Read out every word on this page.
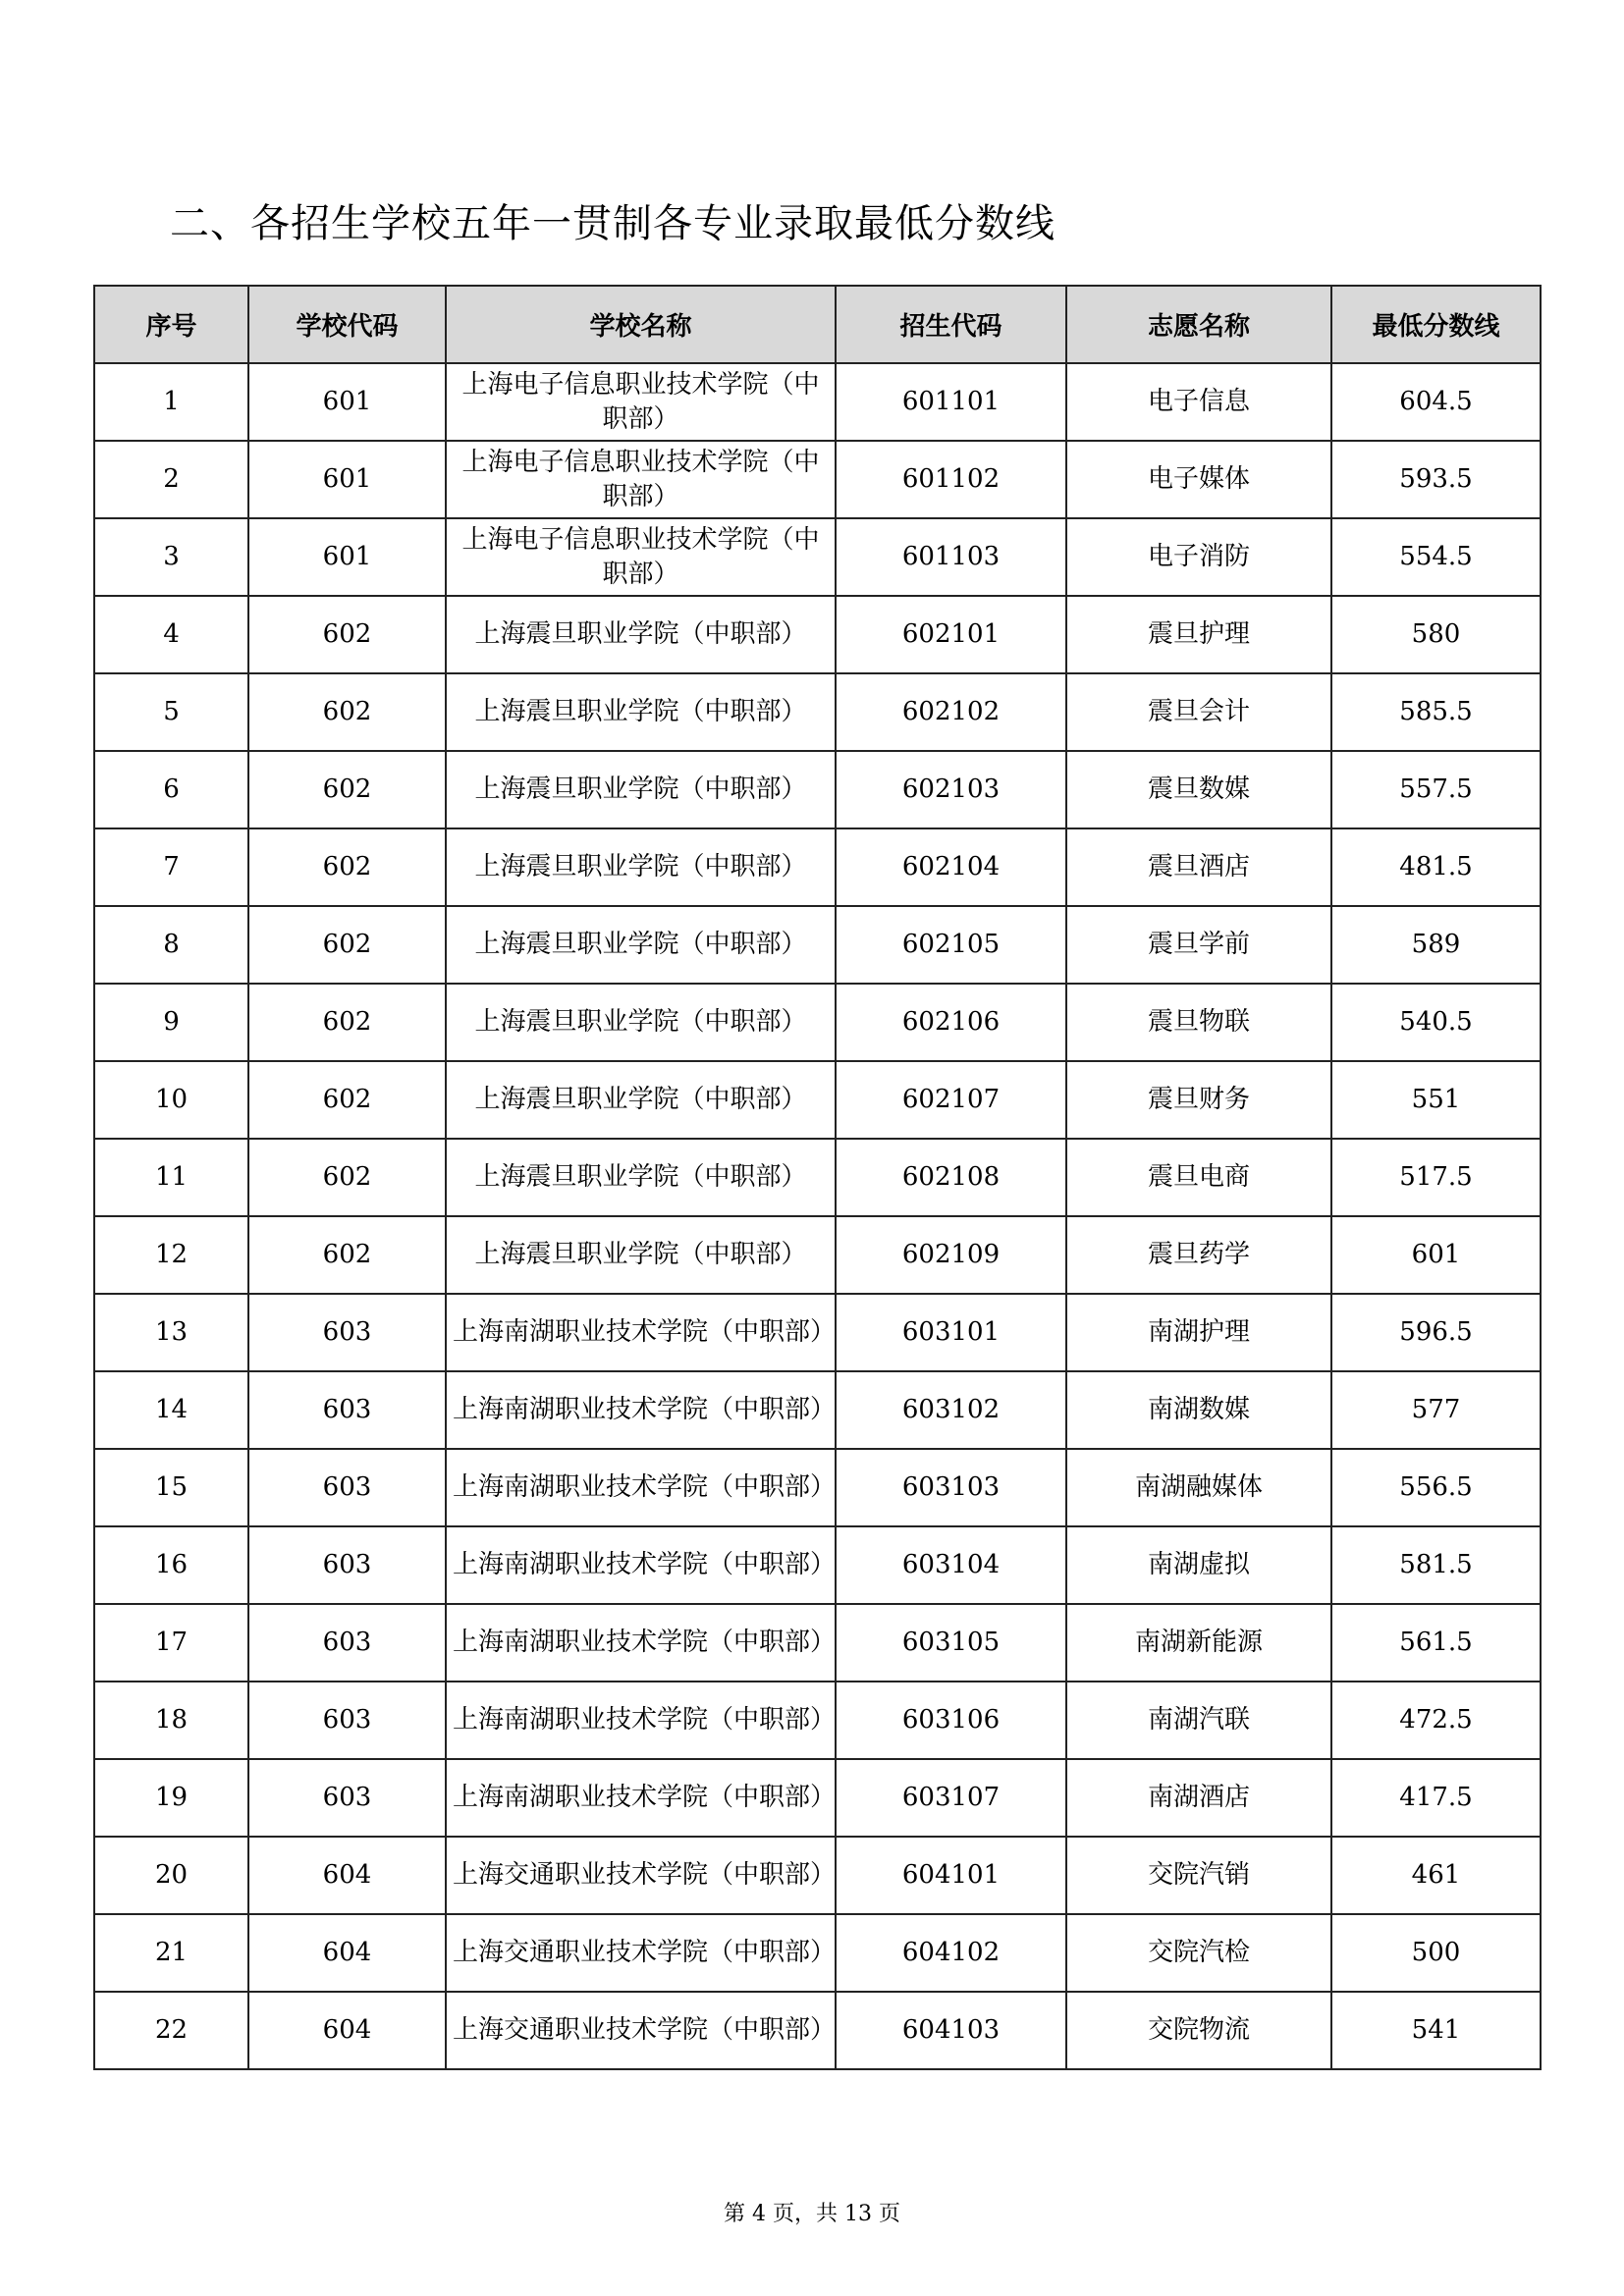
二、各招生学校五年一贯制各专业录取最低分数线
序号	学校代码	学校名称	招生代码	志愿名称	最低分数线
1	601	上海电子信息职业技术学院（中职部）	601101	电子信息	604.5
2	601	上海电子信息职业技术学院（中职部）	601102	电子媒体	593.5
3	601	上海电子信息职业技术学院（中职部）	601103	电子消防	554.5
4	602	上海震旦职业学院（中职部）	602101	震旦护理	580
5	602	上海震旦职业学院（中职部）	602102	震旦会计	585.5
6	602	上海震旦职业学院（中职部）	602103	震旦数媒	557.5
7	602	上海震旦职业学院（中职部）	602104	震旦酒店	481.5
8	602	上海震旦职业学院（中职部）	602105	震旦学前	589
9	602	上海震旦职业学院（中职部）	602106	震旦物联	540.5
10	602	上海震旦职业学院（中职部）	602107	震旦财务	551
11	602	上海震旦职业学院（中职部）	602108	震旦电商	517.5
12	602	上海震旦职业学院（中职部）	602109	震旦药学	601
13	603	上海南湖职业技术学院（中职部）	603101	南湖护理	596.5
14	603	上海南湖职业技术学院（中职部）	603102	南湖数媒	577
15	603	上海南湖职业技术学院（中职部）	603103	南湖融媒体	556.5
16	603	上海南湖职业技术学院（中职部）	603104	南湖虚拟	581.5
17	603	上海南湖职业技术学院（中职部）	603105	南湖新能源	561.5
18	603	上海南湖职业技术学院（中职部）	603106	南湖汽联	472.5
19	603	上海南湖职业技术学院（中职部）	603107	南湖酒店	417.5
20	604	上海交通职业技术学院（中职部）	604101	交院汽销	461
21	604	上海交通职业技术学院（中职部）	604102	交院汽检	500
22	604	上海交通职业技术学院（中职部）	604103	交院物流	541
第 4 页，共 13 页
